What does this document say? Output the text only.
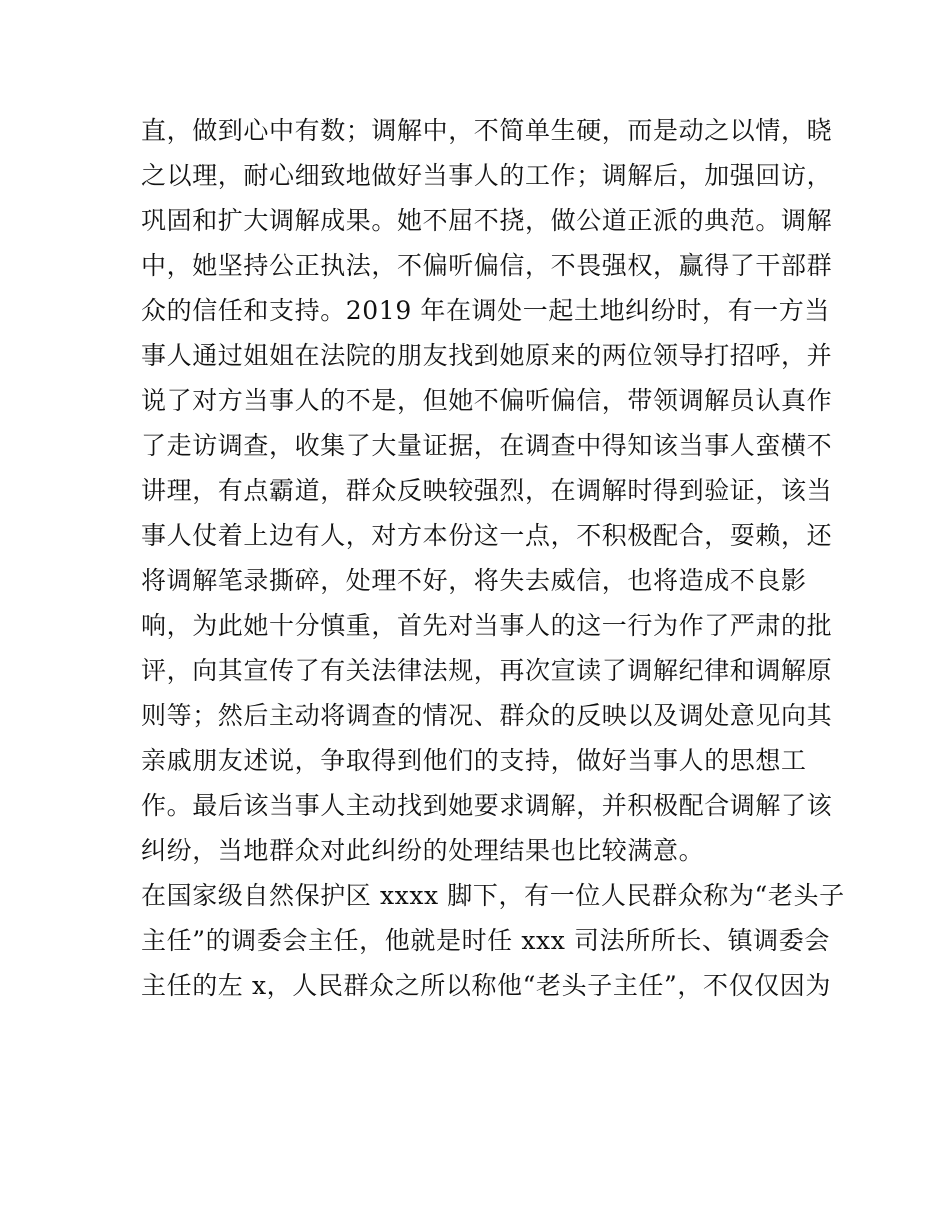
直，做到心中有数；调解中，不简单生硬，而是动之以情，晓
之以理，耐心细致地做好当事人的工作；调解后，加强回访，
巩固和扩大调解成果。她不屈不挠，做公道正派的典范。调解
中，她坚持公正执法，不偏听偏信，不畏强权，赢得了干部群
众的信任和支持。2019 年在调处一起土地纠纷时，有一方当
事人通过姐姐在法院的朋友找到她原来的两位领导打招呼，并
说了对方当事人的不是，但她不偏听偏信，带领调解员认真作
了走访调查，收集了大量证据，在调查中得知该当事人蛮横不
讲理，有点霸道，群众反映较强烈，在调解时得到验证，该当
事人仗着上边有人，对方本份这一点，不积极配合，耍赖，还
将调解笔录撕碎，处理不好，将失去威信，也将造成不良影
响，为此她十分慎重，首先对当事人的这一行为作了严肃的批
评，向其宣传了有关法律法规，再次宣读了调解纪律和调解原
则等；然后主动将调查的情况、群众的反映以及调处意见向其
亲戚朋友述说，争取得到他们的支持，做好当事人的思想工
作。最后该当事人主动找到她要求调解，并积极配合调解了该
纠纷，当地群众对此纠纷的处理结果也比较满意。
在国家级自然保护区 xxxx 脚下，有一位人民群众称为“老头子
主任”的调委会主任，他就是时任 xxx 司法所所长、镇调委会
主任的左 x，人民群众之所以称他“老头子主任”，不仅仅因为
